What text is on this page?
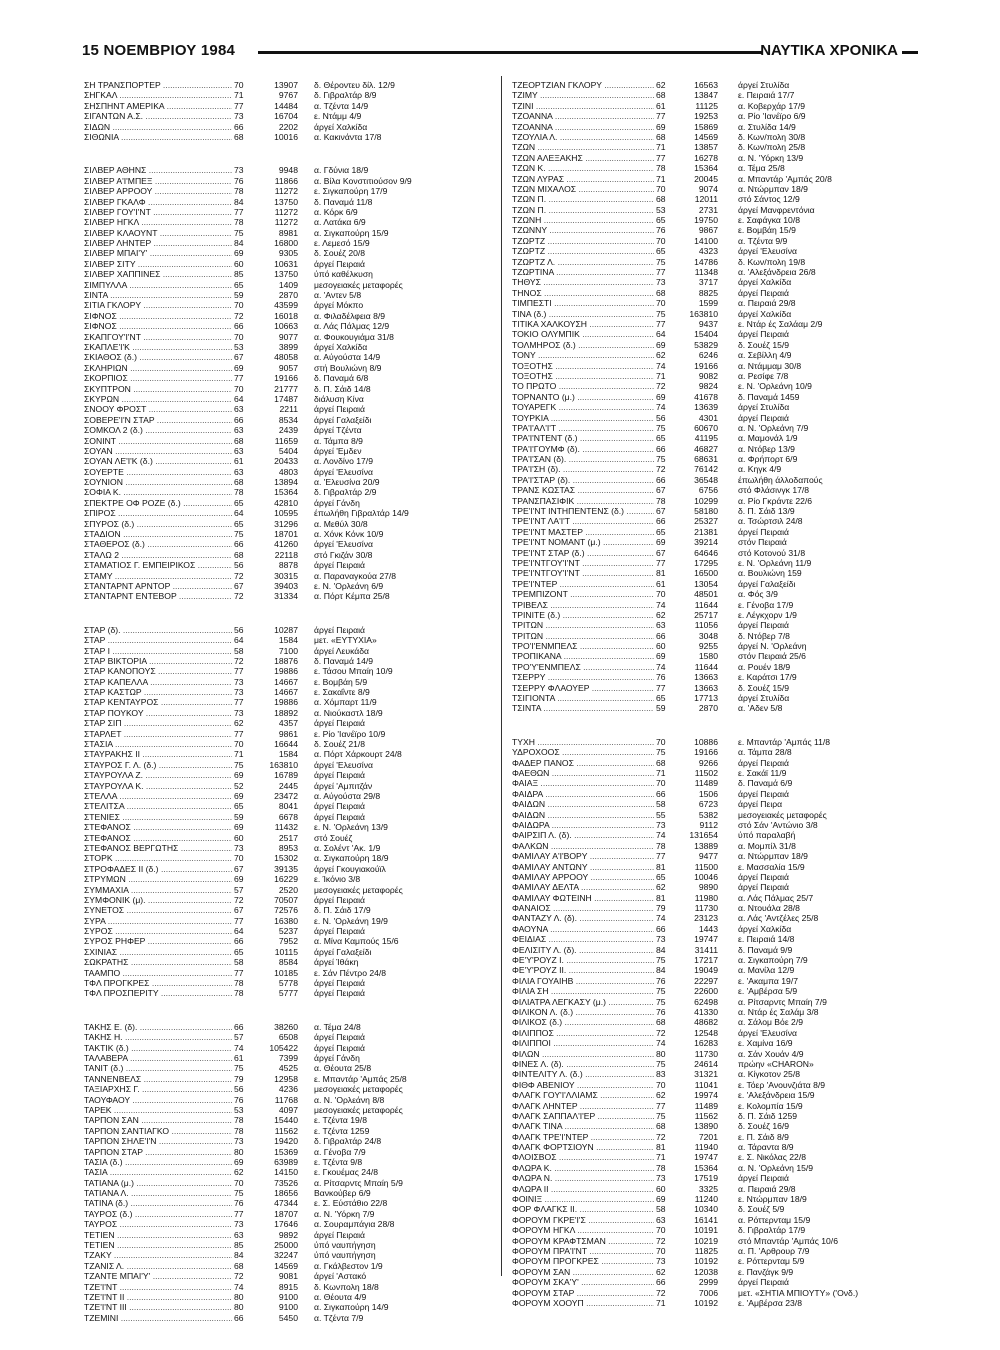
15 ΝΟΕΜΒΡΙΟΥ 1984	ΝΑΥΤΙΚΑ ΧΡΟΝΙΚΑ
ΣΗ ΤΡΑΝΣΠΟΡΤΕΡ .....	70	13907 δ. Θέροντευ δίλ. 12/9
ΣΗΓΚΑΛ .....	71	9767 δ. Γιβραλτάρ 8/9
ΣΗΣΠΗΝΤ ΑΜΕΡΙΚΑ .....	77	14484 α. Τζέντα 14/9
ΣΙΓΑΝΤΩΝ Α.Σ. .....	73	16704 ε. Ντάμμ 4/9
ΣΙΔΩΝ .....	66	2202 άργεί Χαλκίδα
ΣΙΘΩΝΙΑ .....	68	10016 α. Κακινάντα 17/8
ΣΙΛΒΕΡ ΑΘΗΝΣ .....	73	9948 α. Γδύνια 18/9
ΣΙΛΒΕΡ Α'Ι'ΜΠΕΞ .....	76	11866 α. Βίλα Κονστιτιούσον 9/9
ΣΙΛΒΕΡ ΑΡΡΟΟΥ .....	78	11272 ε. Σιγκαπούρη 17/9
ΣΙΛΒΕΡ ΓΚΑΛΦ .....	84	13750 δ. Παναμά 11/8
ΣΙΛΒΕΡ ΓΟΥ'Ι'ΝΤ .....	77	11272 α. Κόρκ 6/9
ΣΙΛΒΕΡ ΗΓΚΛ .....	78	11272 α. Λατάκα 6/9
ΣΙΛΒΕΡ ΚΛΑΟΥΝΤ .....	75	8981 α. Σιγκαπούρη 15/9
ΣΙΛΒΕΡ ΛΗΝΤΕΡ .....	84	16800 ε. Λεμεσό 15/9
ΣΙΛΒΕΡ ΜΠΑΙ'Υ' .....	69	9305 δ. Σουέζ 20/8
ΣΙΛΒΕΡ ΣΙΤΥ .....	60	10631 άργεί Πειραιά
ΣΙΛΒΕΡ ΧΑΠΠΙΝΕΣ .....	85	13750 ύπό καθέλκυση
ΣΙΜΠΥΛΛΑ .....	65	1409 μεσογειακές μεταφορές
ΣΙΝΤΑ .....	59	2870 α. 'Αντεν 5/8
ΣΙΤΙΑ ΓΚΛΟΡΥ .....	70	43599 άργεί Μόκπο
ΣΙΦΝΟΣ .....	72	16018 α. Φιλαδέλφεια 8/9
ΣΙΦΝΟΣ .....	66	10663 α. Λάς Πάλμας 12/9
ΣΚΑΠΓΟΥ'Ι'ΝΤ .....	70	9077 α. Φουκουγιάμα 31/8
ΣΚΑΠΛΕ'Ι'Κ .....	53	3899 άργεί Χαλκίδα
ΣΚΙΑΘΟΣ (δ.) .....	67	48058 α. Αύγούστα 14/9
ΣΚΛΗΡΙΩΝ .....	69	9057 στή Βουλιώνη 8/9
ΣΚΟΡΠΙΟΣ .....	77	19166 δ. Παναμά 6/8
ΣΚΥΠΤΡΟΝ .....	70	21777 δ. Π. Σάιδ 14/8
ΣΚΥΡΩΝ .....	64	17487 διάλυση Κίνα
ΣΝΟΟΥ ΦΡΟΣΤ .....	63	2211 άργεί Πειραιά
ΣΟΒΕΡΕ'Ι'Ν ΣΤΑΡ .....	66	8534 άργεί Γαλαξείδι
ΣΟΜΚΟΛ 2 (δ.) .....	63	2439 άργεί Τζέντα
ΣΟΝΙΝΤ .....	68	11659 α. Τάμπα 8/9
ΣΟΥΑΝ .....	63	5404 άργεί 'Εμδεν
ΣΟΥΑΝ ΛΕ'Ι'Κ (δ.) .....	61	20433 α. Λονδίνο 17/9
ΣΟΥΕΡΤΕ .....	63	4803 άργεί 'Ελευσίνα
ΣΟΥΝΙΟΝ .....	68	13894 α. 'Ελευσίνα 20/9
ΣΟΦΙΑ Κ. .....	78	15364 δ. Γιβραλτάρ 2/9
ΣΠΕΚΤΡΕ ΟΦ ΡΟΖΕ (δ.) .....	65	42810 άργεί Γάνδη
ΣΠΙΡΟΣ .....	64	10595 έπωλήθη Γιβραλτάρ 14/9
ΣΠΥΡΟΣ (δ.) .....	65	31296 α. Μεθύλ 30/8
ΣΤΑΔΙΟΝ .....	75	18701 α. Χόνκ Κόνκ 10/9
ΣΤΑΘΕΡΟΣ (δ.) .....	66	41260 άργεί 'Ελευσίνα
ΣΤΑΛΩ 2 .....	68	22118 στό Γκιζάν 30/8
ΣΤΑΜΑΤΙΟΣ Γ. ΕΜΠΕΙΡΙΚΟΣ .....	56	8878 άργεί Πειραιά
ΣΤΑΜΥ .....	72	30315 α. Παραναγκούα 27/8
ΣΤΑΝΤΑΡΝΤ ΑΡΝΤΟΡ .....	67	39403 ε. Ν. 'Ορλεάνη 6/9
ΣΤΑΝΤΑΡΝΤ ΕΝΤΕΒΟΡ .....	72	31334 α. Πόρτ Κέμπα 25/8
ΣΤΑΡ (δ). .....	56	10287 άργεί Πειραιά
ΣΤΑΡ .....	64	1584 μετ. «ΕΥΤΥΧΙΑ»
ΣΤΑΡ Ι .....	58	7100 άργεί Λευκάδα
ΣΤΑΡ ΒΙΚΤΟΡΙΑ .....	72	18876 δ. Παναμά 14/9
ΣΤΑΡ ΚΑΝΟΠΟΥΣ .....	77	19886 ε. Τάσου Μπαίη 10/9
ΣΤΑΡ ΚΑΠΕΛΛΑ .....	73	14667 ε. Βομβάη 5/9
ΣΤΑΡ ΚΑΣΤΩΡ .....	73	14667 ε. Σακαΐντε 8/9
ΣΤΑΡ ΚΕΝΤΑΥΡΟΣ .....	77	19886 α. Χόμπαρτ 11/9
ΣΤΑΡ ΠΟΥΚΟΥ .....	73	18892 α. Νιούκαστλ 18/9
ΣΤΑΡ ΣΙΠ .....	62	4357 άργεί Πειραιά
ΣΤΑΡΛΕΤ .....	77	9861 ε. Ρίο 'Ιανέϊρο 10/9
ΣΤΑΣΙΑ .....	70	16644 δ. Σουέζ 21/8
ΣΤΑΥΡΑΚΗΣ ΙΙ .....	71	1584 α. Πόρτ Χάρκουρτ 24/8
ΣΤΑΥΡΟΣ Γ. Λ. (δ.) .....	75	163810 άργεί 'Ελευσίνα
ΣΤΑΥΡΟΥΛΑ Ζ. .....	69	16789 άργεί Πειραιά
ΣΤΑΥΡΟΥΛΑ Κ. .....	52	2445 άργεί 'Αμπιτζάν
ΣΤΕΛΛΑ .....	69	23472 α. Αύγούστα 29/8
ΣΤΕΛΙΤΣΑ .....	65	8041 άργεί Πειραιά
ΣΤΕΝΙΕΣ .....	59	6678 άργεί Πειραιά
ΣΤΕΦΑΝΟΣ .....	69	11432 ε. Ν. 'Ορλεάνη 13/9
ΣΤΕΦΑΝΟΣ .....	60	2517 στό Σουέζ
ΣΤΕΦΑΝΟΣ ΒΕΡΓΩΤΗΣ .....	73	8953 α. Σολέντ 'Ακ. 1/9
ΣΤΟΡΚ .....	70	15302 α. Σιγκαπούρη 18/9
ΣΤΡΟΦΑΔΕΣ ΙΙ (δ.) .....	67	39135 άργεί Γκουγιακούϊλ
ΣΤΡΥΜΩΝ .....	69	16229 ε. Ίκόνιο 3/8
ΣΥΜΜΑΧΙΑ .....	57	2520 μεσογειακές μεταφορές
ΣΥΜΦΟΝΙΚ (μ). .....	72	70507 άργεί Πειραιά
ΣΥΝΕΤΟΣ .....	67	72576 δ. Π. Σάιδ 17/9
ΣΥΡΑ .....	77	16380 ε. Ν. 'Ορλεάνη 19/9
ΣΥΡΟΣ .....	64	5237 άργεί Πειραιά
ΣΥΡΟΣ ΡΗΦΕΡ .....	66	7952 α. Μίνα Καμπούς 15/6
ΣΧΙΝΙΑΣ .....	65	10115 άργεί Γαλαξείδι
ΣΩΚΡΑΤΗΣ .....	58	8584 άργεί Ίθάκη
ΤΑΑΜΠΟ .....	77	10185 ε. Σάν Πέντρο 24/8
ΤΦΛ ΠΡΟΓΚΡΕΣ .....	78	5778 άργεί Πειραιά
ΤΦΛ ΠΡΟΣΠΕΡΙΤΥ .....	78	5777 άργεί Πειραιά
ΤΑΚΗΣ Ε. (δ). .....	66	38260 α. Τέμα 24/8
ΤΑΚΗΣ Η. .....	57	6508 άργεί Πειραιά
ΤΑΚΤΙΚ (δ.) .....	74	105422 άργεί Πειραιά
ΤΑΛΑΒΕΡΑ .....	61	7399 άργεί Γάνδη
ΤΑΝΙΤ (δ.) .....	75	4525 α. Θέουτα 25/8
ΤΑΝΝΕΝΒΕΛΣ .....	79	12958 ε. Μπαντάρ 'Αμπάς 25/8
ΤΑΞΙΑΡΧΗΣ Γ. .....	56	4236 μεσογειακές μεταφορές
ΤΑΟΥΦΑΟΥ .....	76	11768 α. Ν. 'Ορλεάνη 8/8
ΤΑΡΕΚ .....	53	4097 μεσογειακές μεταφορές
ΤΑΡΠΟΝ ΣΑΝ .....	78	15440 ε. Τζέντα 19/8
ΤΑΡΠΟΝ ΣΑΝΤΙΑΓΚΟ .....	78	11562 ε. Τζέντα 1259
ΤΑΡΠΟΝ ΣΗΛΕ'Ι'Ν .....	73	19420 δ. Γιβραλτάρ 24/8
ΤΑΡΠΟΝ ΣΤΑΡ .....	80	15369 α. Γένοβα 7/9
ΤΑΣΙΑ (δ.) .....	69	63989 ε. Τζέντα 9/8
ΤΑΣΙΑ .....	62	14150 ε. Γκουέμας 24/8
ΤΑΤΙΑΝΑ (μ.) .....	70	73526 α. Ρίτσαρντς Μπαίη 5/9
ΤΑΤΙΑΝΑ Λ. .....	75	18656 Βανκούβερ 6/9
ΤΑΤΙΝΑ (δ.) .....	76	47344 ε. Σ. Εύστάθιο 22/8
ΤΑΥΡΟΣ (δ.) .....	77	18707 α. Ν. 'Υόρκη 7/9
ΤΑΥΡΟΣ .....	73	17646 α. Σουραμπάγια 28/8
ΤΕΤΙΕΝ .....	63	9892 άργεί Πειραιά
ΤΕΤΙΕΝ .....	85	25000 ύπό ναυπήγηση
ΤΖΑΚΥ .....	84	32247 ύπό ναυπήγηση
ΤΖΑΝΙΣ Λ. .....	68	14569 α. Γκάλβεστον 1/9
ΤΖΑΝΤΕ ΜΠΑΙ'Υ' .....	72	9081 άργεί 'Αστακό
ΤΖΕ'Ι'ΝΤ .....	74	8915 δ. Κωνπολη 18/8
ΤΖΕ'Ι'ΝΤ ΙΙ .....	80	9100 α. Θέουτα 4/9
ΤΖΕ'Ι'ΝΤ ΙΙΙ .....	80	9100 α. Σιγκαπούρη 14/9
ΤΖΕΜΙΝΙ .....	66	5450 α. Τζέντα 7/9
ΤΖΕΟΡΤΖΙΑΝ ΓΚΛΟΡΥ .....	62	16563 άργεί Στυλίδα
ΤΖΙΜΥ .....	68	13847 ε. Πειραιά 17/7
ΤΖΙΝΙ .....	61	11125 α. Κοβερχάρ 17/9
ΤΖΟΑΝΝΑ .....	77	19253 α. Ρίο 'Ιανέϊρο 6/9
ΤΖΟΑΝΝΑ .....	69	15869 α. Στυλίδα 14/9
ΤΖΟΥΛΙΑ Λ. .....	68	14569 δ. Κων/πολη 30/8
ΤΖΩΝ .....	71	13857 δ. Κων/πολη 25/8
ΤΖΩΝ ΑΛΕΞΑΚΗΣ .....	77	16278 α. Ν. 'Υόρκη 13/9
ΤΖΩΝ Κ. .....	78	15364 α. Τέμα 25/8
ΤΖΩΝ ΛΥΡΑΣ .....	71	20045 α. Μπαντάρ 'Αμπάς 20/8
ΤΖΩΝ ΜΙΧΑΛΟΣ .....	70	9074 α. Ντώρμπαν 18/9
ΤΖΩΝ Π. .....	68	12011 στό Σάντος 12/9
ΤΖΩΝ Π. .....	53	2731 άργεί Μανφρεντόνια
ΤΖΩΝΗ .....	65	19750 ε. Σαφάγκα 10/8
ΤΖΩΝΝΥ .....	76	9867 ε. Βομβάη 15/9
ΤΖΩΡΤΖ .....	70	14100 α. Τζέντα 9/9
ΤΖΩΡΤΖ .....	65	4323 άργεί 'Ελευσίνα
ΤΖΩΡΤΖ Λ. .....	75	14786 δ. Κων/πολη 19/8
ΤΖΩΡΤΙΝΑ .....	77	11348 α. 'Αλεξάνδρεια 26/8
ΤΗΘΥΣ .....	73	3717 άργεί Χαλκίδα
ΤΗΝΟΣ .....	68	8825 άργεί Πειραιά
ΤΙΜΠΕΣΤΙ .....	70	1599 α. Πειραιά 29/8
ΤΙΝΑ (δ.) .....	75	163810 άργεί Χαλκίδα
ΤΙΤΙΚΑ ΧΑΛΚΟΥΣΗ .....	77	9437 ε. Ντάρ ές Σαλάαμ 2/9
ΤΟΚΙΟ ΟΛΥΜΠΙΚ .....	64	15404 άργεί Πειραιά
ΤΟΛΜΗΡΟΣ (δ.) .....	69	53829 δ. Σουέζ 15/9
ΤΟΝΥ .....	62	6246 α. Σεβίλλη 4/9
ΤΟΞΟΤΗΣ .....	74	19166 α. Ντάμμαμ 30/8
ΤΟΞΟΤΗΣ .....	71	9082 α. Ρεσίφε 7/8
ΤΟ ΠΡΩΤΟ .....	72	9824 ε. Ν. 'Ορλεάνη 10/9
ΤΟΡΝΑΝΤΟ (μ.) .....	69	41678 δ. Παναμά 1459
ΤΟΥΑΡΕΓΚ .....	74	13639 άργεί Στυλίδα
ΤΟΥΡΚΙΑ .....	56	4301 άργεί Πειραιά
ΤΡΑ'Ι'ΑΛ'Ι'Τ .....	75	60670 α. Ν. 'Ορλεάνη 7/9
ΤΡΑ'Ι'ΝΤΕΝΤ (δ.) .....	65	41195 α. Μαμονάλ 1/9
ΤΡΑ'Ι'ΓΟΥΜΦ (δ). .....	66	46827 α. Ντόβερ 13/9
ΤΡΑ'Ι'ΣΑΝ (δ). .....	75	68631 α. Φρήπορτ 6/9
ΤΡΑ'Ι'ΣΗ (δ). .....	72	76142 α. Κηγκ 4/9
ΤΡΑ'Ι'ΣΤΑΡ (δ). .....	66	36548 έπωλήθη άλλοδαπούς
ΤΡΑΝΣ ΚΩΣΤΑΣ .....	67	6756 στό Φλάσινγκ 17/8
ΤΡΑΝΣΠΑΣΙΦΙΚ .....	78	10299 α. Ρίο Γκράντε 22/6
ΤΡΕ'Ι'ΝΤ ΙΝΤΗΠΕΝΤΕΝΣ (δ.) .....	67	58180 δ. Π. Σάιδ 13/9
ΤΡΕ'Ι'ΝΤ ΛΑ'Ι'Τ .....	66	25327 α. Τσώρτσιλ 24/8
ΤΡΕ'Ι'ΝΤ ΜΑΣΤΕΡ .....	65	21381 άργεί Πειραιά
ΤΡΕ'Ι'ΝΤ ΝΟΜΑΝΤ (μ.) .....	69	39214 στόν Πειραιά
ΤΡΕ'Ι'ΝΤ ΣΤΑΡ (δ.) .....	67	64646 στό Κοτονού 31/8
ΤΡΕ'Ι'ΝΤΓΟΥ'Ι'ΝΤ .....	77	17295 ε. Ν. 'Ορλεάνη 11/9
ΤΡΕ'Ι'ΝΤΓΟΥ'Ι'ΝΤ .....	81	16500 α. Βουλιώνη 159
ΤΡΕ'Ι'ΝΤΕΡ .....	61	13054 άργεί Γαλαξείδι
ΤΡΕΜΠΙΖΟΝΤ .....	70	48501 α. Φός 3/9
ΤΡΙΒΕΛΣ .....	74	11644 ε. Γένοβα 17/9
ΤΡΙΝΙΤΕ (δ.) .....	62	25717 ε. Λέγκχορν 1/9
ΤΡΙΤΩΝ .....	63	11056 άργεί Πειραιά
ΤΡΙΤΩΝ .....	66	3048 δ. Ντόβερ 7/8
ΤΡΟ'Ι'ΕΝΜΠΕΛΣ .....	60	9255 άργεί Ν. 'Ορλεάνη
ΤΡΟΠΙΚΑΝΑ .....	69	1580 στόν Πειραιά 25/6
ΤΡΟ'Υ'ΕΝΜΠΕΛΣ .....	74	11644 α. Ρουέν 18/9
ΤΣΕΡΡΥ .....	76	13663 ε. Καράτσι 17/9
ΤΣΕΡΡΥ ΦΛΑΟΥΕΡ .....	77	13663 δ. Σουέζ 15/9
ΤΣΙΓΙΟΝΤΑ .....	65	17713 άργεί Στυλίδα
ΤΣΙΝΤΑ .....	59	2870 α. 'Αδεν 5/8
ΤΥΧΗ .....	70	10886 ε. Μπαντάρ 'Αμπάς 11/8
ΥΔΡΟΧΟΟΣ .....	75	19166 α. Τάμπα 28/8
ΦΑΔΕΡ ΠΑΝΟΣ .....	68	9266 άργεί Πειραιά
ΦΑΕΘΩΝ .....	71	11502 ε. Σακάϊ 11/9
ΦΑΙΑΞ .....	70	11489 δ. Παναμά 6/9
ΦΑΙΔΡΑ .....	66	1506 άργεί Πειραιά
ΦΑΙΔΩΝ .....	58	6723 άργεί Πειρα
ΦΑΙΔΩΝ .....	55	5382 μεσογειακές μεταφορές
ΦΑΙΔΩΡΑ .....	73	9112 στό Σάν 'Αντώνιο 3/8
ΦΑΙΡΣΙΠ Λ. (δ). .....	74	131654 ύπό παραλαβή
ΦΑΛΚΩΝ .....	78	13889 α. Μομπίλ 31/8
ΦΑΜΙΛΑΥ Α'Ι'ΒΟΡΥ .....	77	9477 α. Ντώρμπαν 18/9
ΦΑΜΙΛΑΥ ΑΝΤΩΝΥ .....	81	11500 ε. Μασσαλία 15/9
ΦΑΜΙΛΑΥ ΑΡΡΟΟΥ .....	65	10046 άργεί Πειραιά
ΦΑΜΙΛΑΥ ΔΕΛΤΑ .....	62	9890 άργεί Πειραιά
ΦΑΜΙΛΑΥ ΦΩΤΕΙΝΗ .....	81	11980 α. Λάς Πάλμας 25/7
ΦΑΝΑΙΟΣ .....	79	11730 α. Ντουάλα 28/8
ΦΑΝΤΑΖΥ Λ. (δ). .....	74	23123 α. Λάς 'Αντζέλες 25/8
ΦΑΟΥΝΑ .....	66	1443 άργεί Χαλκίδα
ΦΕΙΔΙΑΣ .....	73	19747 ε. Πειραιά 14/8
ΦΕΛΙΣΙΤΥ Λ. (δ). .....	84	31411 δ. Παναμά 9/9
ΦΕ'Υ'ΡΟΥΖ Ι. .....	75	17217 α. Σιγκαπούρη 7/9
ΦΕ'Υ'ΡΟΥΖ ΙΙ. .....	84	19049 α. Μανίλα 12/9
ΦΙΛΙΑ ΓΟΥΑΙΗΒ .....	76	22297 ε. 'Ακαμπα 19/7
ΦΙΛΙΑ ΣΗ .....	75	22600 ε. 'Αμβέρσα 5/9
ΦΙΛΙΑΤΡΑ ΛΕΓΚΑΣΥ (μ.) .....	75	62498 α. Ρίτσαρντς Μπαίη 7/9
ΦΙΛΙΚΟΝ Λ. (δ.) .....	76	41330 α. Ντάρ ές Σαλάμ 3/8
ΦΙΛΙΚΟΣ (δ.) .....	68	48682 α. Σάλομ Βόε 2/9
ΦΙΛΙΠΠΟΣ .....	72	12548 άργεί 'Ελευσίνα
ΦΙΛΙΠΠΟΙ .....	74	16283 ε. Χαμίνα 16/9
ΦΙΛΩΝ .....	80	11730 α. Σάν Χουάν 4/9
ΦΙΝΕΣ Λ. (δ). .....	75	24614 πρώην «CHARON»
ΦΙΝΤΕΛΙΤΥ Λ. (δ.) .....	83	31321 α. Κίγκοτον 25/8
ΦΙΘΦ ΑΒΕΝΙΟΥ .....	70	11041 ε. Τόερ 'Ανουνζιάτα 8/9
ΦΛΑΓΚ ΓΟΥ'Ι'ΛΛΙΑΜΣ .....	62	19974 ε. 'Αλεξάνδρεια 15/9
ΦΛΑΓΚ ΛΗΝΤΕΡ .....	77	11489 ε. Κολομπία 15/9
ΦΛΑΓΚ ΣΑΠΠΑΛ'Ι'ΕΡ .....	75	11562 δ. Π. Σάιδ 1259
ΦΛΑΓΚ ΤΙΝΑ .....	68	13890 δ. Σουέζ 16/9
ΦΛΑΓΚ ΤΡΕ'Ι'ΝΤΕΡ .....	72	7201 ε. Π. Σάιδ 8/9
ΦΛΑΓΚ ΦΟΡΤΣΙΟΥΝ .....	81	11940 α. Τάραντα 8/9
ΦΛΟΙΣΒΟΣ .....	71	19747 ε. Σ. Νικόλας 22/8
ΦΛΩΡΑ Κ. .....	78	15364 α. Ν. 'Ορλεάνη 15/9
ΦΛΩΡΑ Ν. .....	73	17519 άργεί Πειραιά
ΦΛΩΡΑ ΙΙ .....	60	3325 α. Πειραιά 29/8
ΦΟΙΝΙΞ .....	69	11240 ε. Ντώρμπαν 18/9
ΦΟΡ ΦΛΑΓΚΣ ΙΙ. .....	58	10340 δ. Σουέζ 5/9
ΦΟΡΟΥΜ ΓΚΡΕ'Ι'Σ .....	63	16141 α. Ρόττερνταμ 15/9
ΦΟΡΟΥΜ ΗΓΚΛ .....	70	10191 δ. Γιβραλτάρ 17/9
ΦΟΡΟΥΜ ΚΡΑΦΤΣΜΑΝ .....	72	10219 στό Μπαντάρ 'Αμπάς 10/6
ΦΟΡΟΥΜ ΠΡΑ'Ι'ΝΤ .....	70	11825 α. Π. 'Αρθρουρ 7/9
ΦΟΡΟΥΜ ΠΡΟΓΚΡΕΣ .....	73	10192 ε. Ρόττερνταμ 5/9
ΦΟΡΟΥΜ ΣΑΝ .....	62	12038 ε. Πανζάγκ 9/9
ΦΟΡΟΥΜ ΣΚΑ'Υ' .....	66	2999 άργεί Πειραιά
ΦΟΡΟΥΜ ΣΤΑΡ .....	72	7006 μετ. «ΣΗΤΙΑ ΜΠΙΟΥΤΥ» ('Ονδ.)
ΦΟΡΟΥΜ ΧΟΟΥΠ .....	71	10192 ε. 'Αμβέρσα 23/8
